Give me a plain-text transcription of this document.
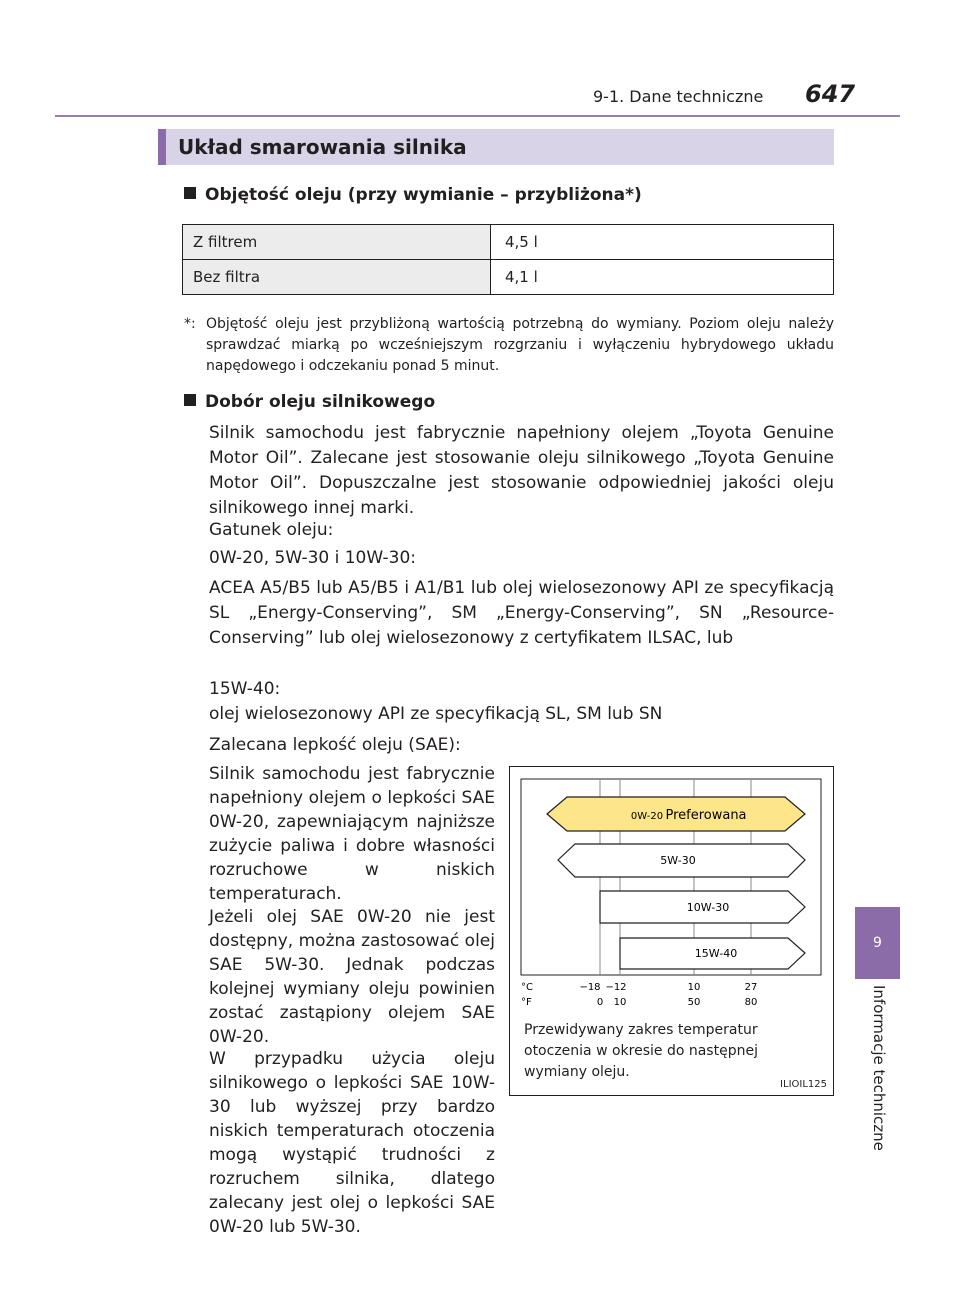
9-1. Dane techniczne 647
9
Informacje techniczne
Układ smarowania silnika
Objętość oleju (przy wymianie – przybliżona*)
Z filtrem	4,5 l
Bez filtra	4,1 l
*: Objętość oleju jest przybliżoną wartością potrzebną do wymiany. Poziom oleju należy sprawdzać miarką po wcześniejszym rozgrzaniu i wyłączeniu hybrydowego układu napędowego i odczekaniu ponad 5 minut.
Dobór oleju silnikowego
Silnik samochodu jest fabrycznie napełniony olejem „Toyota Genuine Motor Oil”. Zalecane jest stosowanie oleju silnikowego „Toyota Genuine Motor Oil”. Dopuszczalne jest stosowanie odpowiedniej jakości oleju silnikowego innej marki.
Gatunek oleju:
0W-20, 5W-30 i 10W-30:
ACEA A5/B5 lub A5/B5 i A1/B1 lub olej wielosezonowy API ze specyfikacją SL „Energy-Conserving”, SM „Energy-Conserving”, SN „Resource-Conserving” lub olej wielosezonowy z certyfikatem ILSAC, lub
15W-40:
olej wielosezonowy API ze specyfikacją SL, SM lub SN
Zalecana lepkość oleju (SAE):
Silnik samochodu jest fabrycznie napełniony olejem o lepkości SAE 0W-20, zapewniającym najniższe zużycie paliwa i dobre własności rozruchowe w niskich temperaturach.
Jeżeli olej SAE 0W-20 nie jest dostępny, można zastosować olej SAE 5W-30. Jednak podczas kolejnej wymiany oleju powinien zostać zastąpiony olejem SAE 0W-20.
W przypadku użycia oleju silnikowego o lepkości SAE 10W-30 lub wyższej przy bardzo niskich temperaturach otoczenia mogą wystąpić trudności z rozruchem silnika, dlatego zalecany jest olej o lepkości SAE 0W-20 lub 5W-30.
0W-20 Preferowana
5W-30
10W-30
15W-40
°C	−18 −12	10	27
°F	0 10	50	80
Przewidywany zakres temperatur otoczenia w okresie do następnej wymiany oleju.
ILIOIL125
